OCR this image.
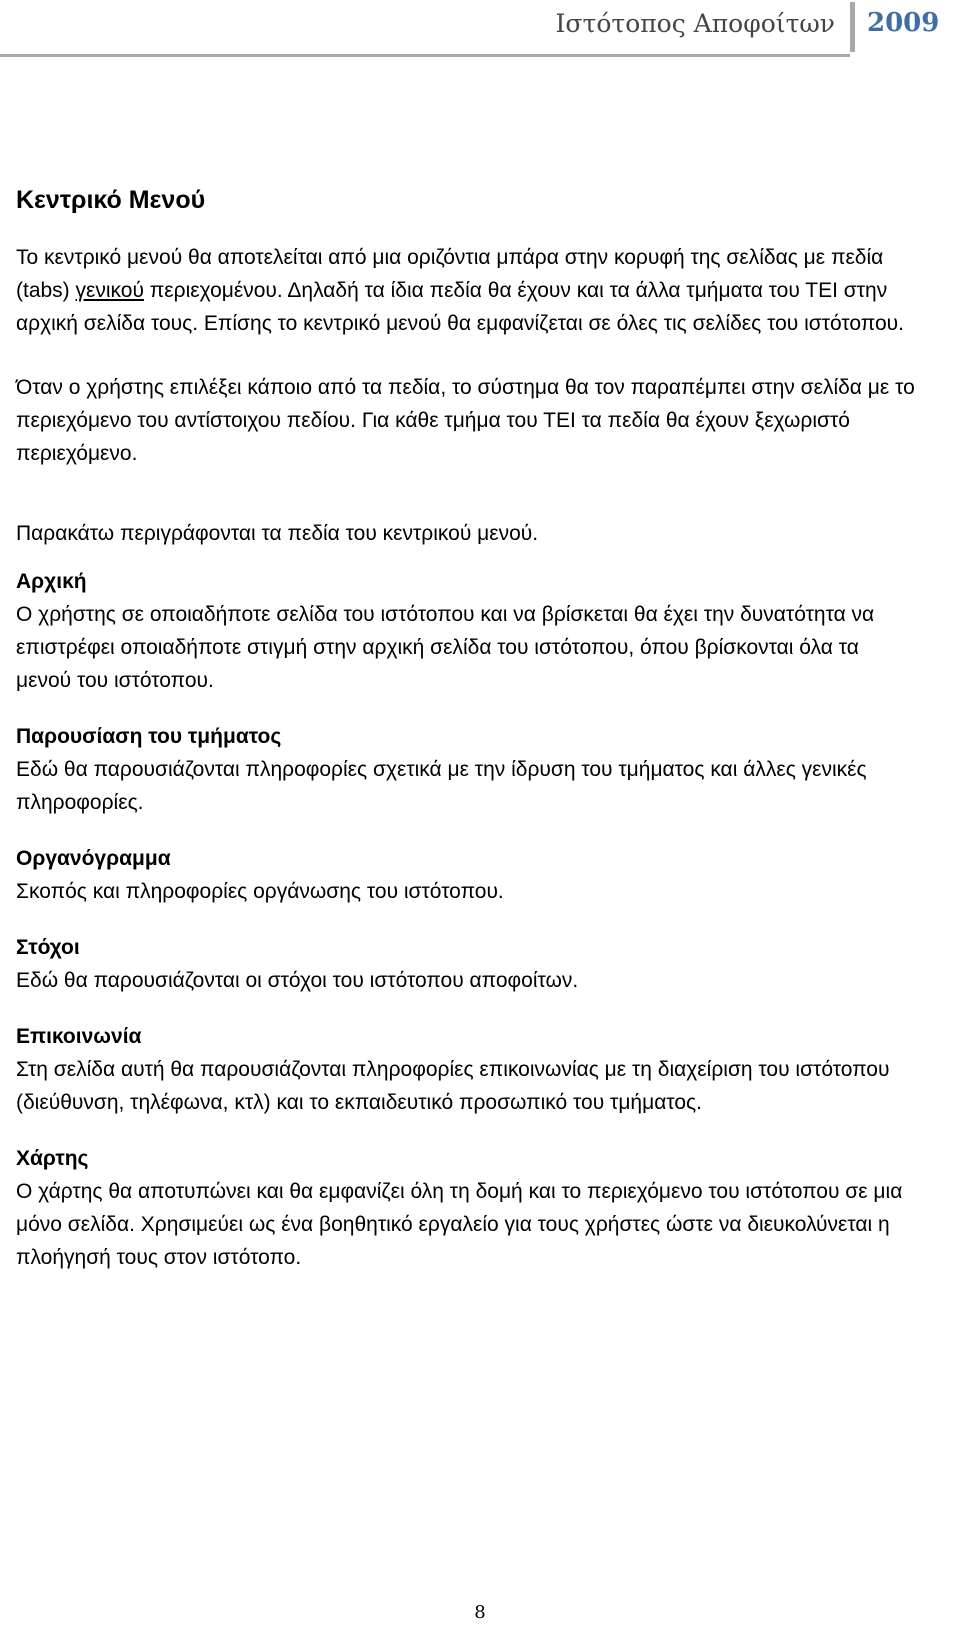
Ιστότοπος Αποφοίτων 2009
Κεντρικό Μενού

Το κεντρικό μενού θα αποτελείται από μια οριζόντια μπάρα στην κορυφή της σελίδας με πεδία (tabs) γενικού περιεχομένου. Δηλαδή τα ίδια πεδία θα έχουν και τα άλλα τμήματα του ΤΕΙ στην αρχική σελίδα τους. Επίσης το κεντρικό μενού θα εμφανίζεται σε όλες τις σελίδες του ιστότοπου.

Όταν ο χρήστης επιλέξει κάποιο από τα πεδία, το σύστημα θα τον παραπέμπει στην σελίδα με το περιεχόμενο του αντίστοιχου πεδίου. Για κάθε τμήμα του ΤΕΙ τα πεδία θα έχουν ξεχωριστό περιεχόμενο.

Παρακάτω περιγράφονται τα πεδία του κεντρικού μενού.

Αρχική

Ο χρήστης σε οποιαδήποτε σελίδα του ιστότοπου και να βρίσκεται θα έχει την δυνατότητα να επιστρέφει οποιαδήποτε στιγμή στην αρχική σελίδα του ιστότοπου, όπου βρίσκονται όλα τα μενού του ιστότοπου.

Παρουσίαση του τμήματος

Εδώ θα παρουσιάζονται πληροφορίες σχετικά με την ίδρυση του τμήματος και άλλες γενικές πληροφορίες.

Οργανόγραμμα

Σκοπός και πληροφορίες οργάνωσης του ιστότοπου.

Στόχοι

Εδώ θα παρουσιάζονται οι στόχοι του ιστότοπου αποφοίτων.

Επικοινωνία

Στη σελίδα αυτή θα παρουσιάζονται πληροφορίες επικοινωνίας με τη διαχείριση του ιστότοπου (διεύθυνση, τηλέφωνα, κτλ) και το εκπαιδευτικό προσωπικό του τμήματος.

Χάρτης

Ο χάρτης θα αποτυπώνει και θα εμφανίζει όλη τη δομή και το περιεχόμενο του ιστότοπου σε μια μόνο σελίδα. Χρησιμεύει ως ένα βοηθητικό εργαλείο για τους χρήστες ώστε να διευκολύνεται η πλοήγησή τους στον ιστότοπο.

8
